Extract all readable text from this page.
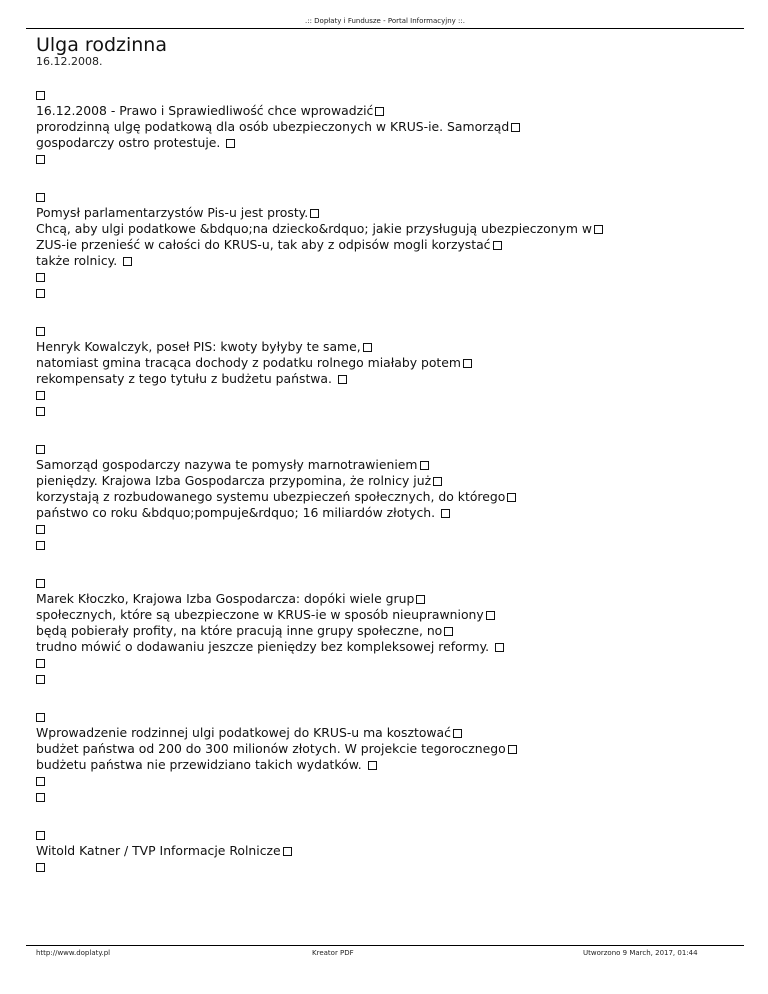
.:: Dopłaty i Fundusze - Portal Informacyjny ::.
Ulga rodzinna
16.12.2008.
16.12.2008 - Prawo i Sprawiedliwość chce wprowadzić
prorodzinną ulgę podatkową dla osób ubezpieczonych w KRUS-ie. Samorząd
gospodarczy ostro protestuje.
Pomysł parlamentarzystów Pis-u jest prosty.
Chcą, aby ulgi podatkowe &bdquo;na dziecko&rdquo; jakie przysługują ubezpieczonym w
ZUS-ie przenieść w całości do KRUS-u, tak aby z odpisów mogli korzystać
także rolnicy.
Henryk Kowalczyk, poseł PIS: kwoty byłyby te same,
natomiast gmina tracąca dochody z podatku rolnego miałaby potem
rekompensaty z tego tytułu z budżetu państwa.
Samorząd gospodarczy nazywa te pomysły marnotrawieniem
pieniędzy. Krajowa Izba Gospodarcza przypomina, że rolnicy już
korzystają z rozbudowanego systemu ubezpieczeń społecznych, do którego
państwo co roku &bdquo;pompuje&rdquo; 16 miliardów złotych.
Marek Kłoczko, Krajowa Izba Gospodarcza: dopóki wiele grup
społecznych, które są ubezpieczone w KRUS-ie w sposób nieuprawniony
będą pobierały profity, na które pracują inne grupy społeczne, no
trudno mówić o dodawaniu jeszcze pieniędzy bez kompleksowej reformy.
Wprowadzenie rodzinnej ulgi podatkowej do KRUS-u ma kosztować
budżet państwa od 200 do 300 milionów złotych. W projekcie tegorocznego
budżetu państwa nie przewidziano takich wydatków.
Witold Katner / TVP Informacje Rolnicze
http://www.doplaty.pl	Kreator PDF	Utworzono 9 March, 2017, 01:44
